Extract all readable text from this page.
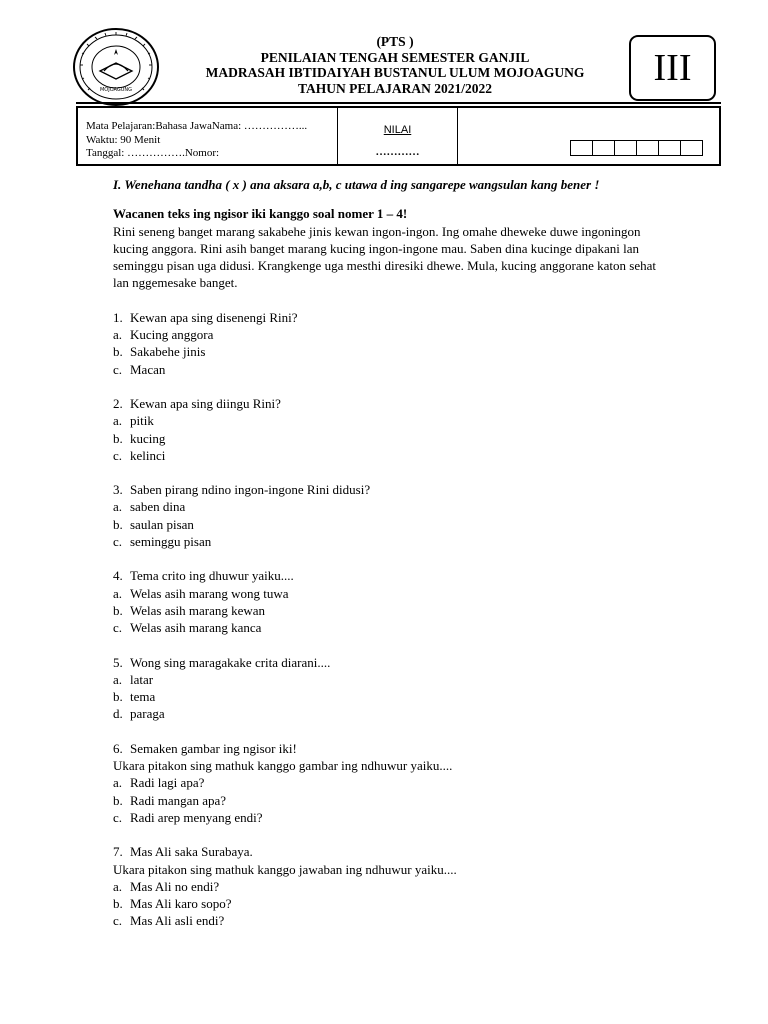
MOJOAGUNG
(PTS )
PENILAIAN TENGAH SEMESTER GANJIL
MADRASAH IBTIDAIYAH BUSTANUL ULUM MOJOAGUNG
TAHUN PELAJARAN 2021/2022	III
Mata Pelajaran:Bahasa JawaNama: ……………...
Waktu: 90 Menit
Tanggal: …………….Nomor:
NILAI
…………
I. Wenehana tandha ( x ) ana aksara a,b, c utawa d ing sangarepe wangsulan kang bener !
Wacanen teks ing ngisor iki kanggo soal nomer 1 – 4!
Rini seneng banget marang sakabehe jinis kewan ingon-ingon. Ing omahe dheweke duwe ingoningon kucing anggora. Rini asih banget marang kucing ingon-ingone mau. Saben dina kucinge dipakani lan seminggu pisan uga didusi. Krangkenge uga mesthi diresiki dhewe. Mula, kucing anggorane katon sehat lan nggemesake banget.
1. Kewan apa sing disenengi Rini?
a. Kucing anggora
b. Sakabehe jinis
c. Macan
2. Kewan apa sing diingu Rini?
a. pitik
b. kucing
c. kelinci
3. Saben pirang ndino ingon-ingone Rini didusi?
a. saben dina
b. saulan pisan
c. seminggu pisan
4. Tema crito ing dhuwur yaiku....
a. Welas asih marang wong tuwa
b. Welas asih marang kewan
c. Welas asih marang kanca
5. Wong sing maragakake crita diarani....
a. latar
b. tema
d. paraga
6. Semaken gambar ing ngisor iki!
Ukara pitakon sing mathuk kanggo gambar ing ndhuwur yaiku....
a. Radi lagi apa?
b. Radi mangan apa?
c. Radi arep menyang endi?
7. Mas Ali saka Surabaya.
Ukara pitakon sing mathuk kanggo jawaban ing ndhuwur yaiku....
a. Mas Ali no endi?
b. Mas Ali karo sopo?
c. Mas Ali asli endi?
